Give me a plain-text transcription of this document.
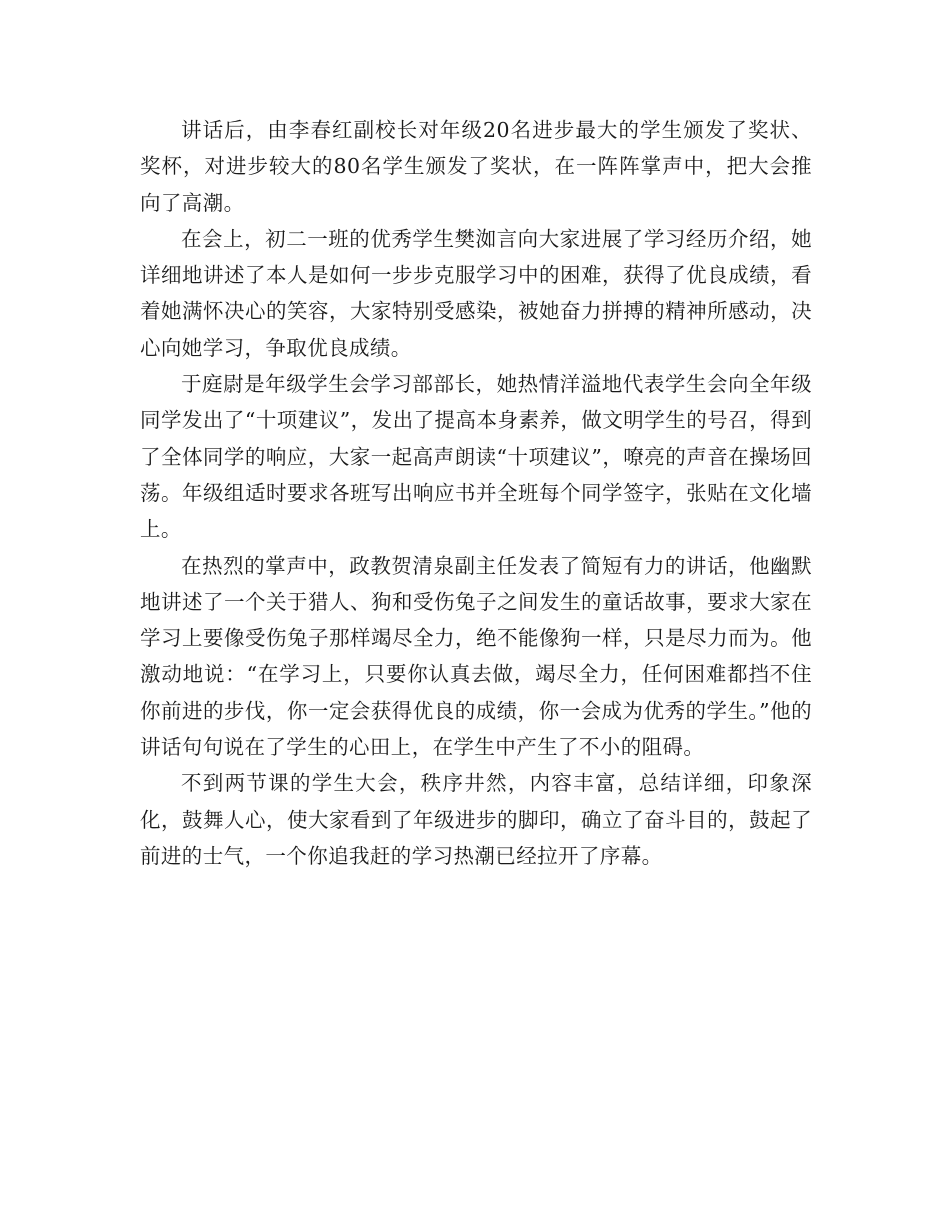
讲话后，由李春红副校长对年级20名进步最大的学生颁发了奖状、奖杯，对进步较大的80名学生颁发了奖状，在一阵阵掌声中，把大会推向了高潮。

在会上，初二一班的优秀学生樊洳言向大家进展了学习经历介绍，她详细地讲述了本人是如何一步步克服学习中的困难，获得了优良成绩，看着她满怀决心的笑容，大家特别受感染，被她奋力拼搏的精神所感动，决心向她学习，争取优良成绩。

于庭尉是年级学生会学习部部长，她热情洋溢地代表学生会向全年级同学发出了“十项建议”，发出了提高本身素养，做文明学生的号召，得到了全体同学的响应，大家一起高声朗读“十项建议”，嘹亮的声音在操场回荡。年级组适时要求各班写出响应书并全班每个同学签字，张贴在文化墙上。

在热烈的掌声中，政教贺清泉副主任发表了简短有力的讲话，他幽默地讲述了一个关于猎人、狗和受伤兔子之间发生的童话故事，要求大家在学习上要像受伤兔子那样竭尽全力，绝不能像狗一样，只是尽力而为。他激动地说：“在学习上，只要你认真去做，竭尽全力，任何困难都挡不住你前进的步伐，你一定会获得优良的成绩，你一会成为优秀的学生。”他的讲话句句说在了学生的心田上，在学生中产生了不小的阻碍。

不到两节课的学生大会，秩序井然，内容丰富，总结详细，印象深化，鼓舞人心，使大家看到了年级进步的脚印，确立了奋斗目的，鼓起了前进的士气，一个你追我赶的学习热潮已经拉开了序幕。
